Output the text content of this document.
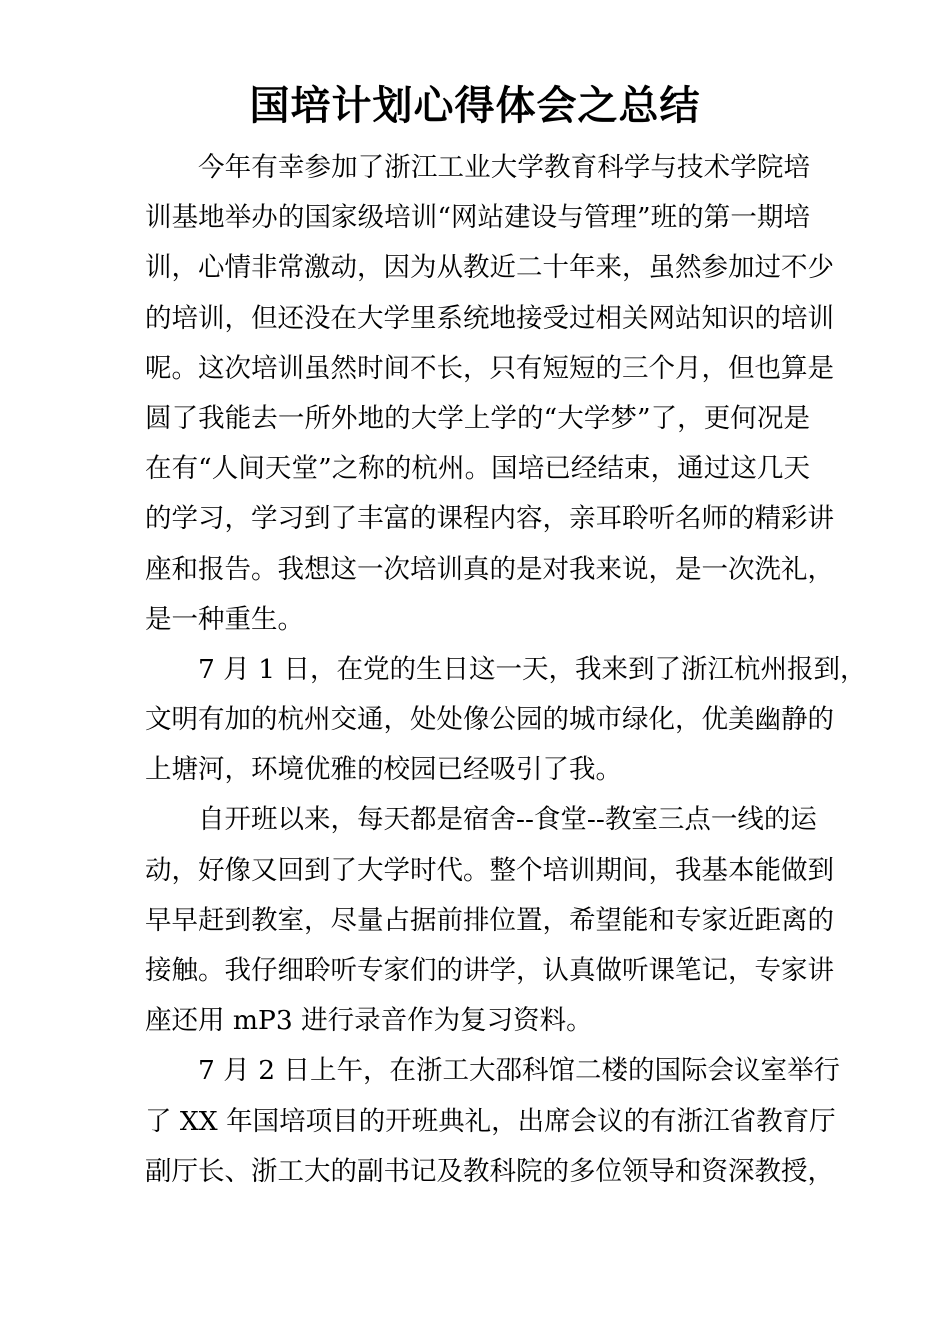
国培计划心得体会之总结
今年有幸参加了浙江工业大学教育科学与技术学院培
训基地举办的国家级培训“网站建设与管理”班的第一期培
训，心情非常激动，因为从教近二十年来，虽然参加过不少
的培训，但还没在大学里系统地接受过相关网站知识的培训
呢。这次培训虽然时间不长，只有短短的三个月，但也算是
圆了我能去一所外地的大学上学的“大学梦”了，更何况是
在有“人间天堂”之称的杭州。国培已经结束，通过这几天
的学习，学习到了丰富的课程内容，亲耳聆听名师的精彩讲
座和报告。我想这一次培训真的是对我来说，是一次洗礼，
是一种重生。
7 月 1 日，在党的生日这一天，我来到了浙江杭州报到，
文明有加的杭州交通，处处像公园的城市绿化，优美幽静的
上塘河，环境优雅的校园已经吸引了我。
自开班以来，每天都是宿舍--食堂--教室三点一线的运
动，好像又回到了大学时代。整个培训期间，我基本能做到
早早赶到教室，尽量占据前排位置，希望能和专家近距离的
接触。我仔细聆听专家们的讲学，认真做听课笔记，专家讲
座还用 mP3 进行录音作为复习资料。
7 月 2 日上午，在浙工大邵科馆二楼的国际会议室举行
了 XX 年国培项目的开班典礼，出席会议的有浙江省教育厅
副厅长、浙工大的副书记及教科院的多位领导和资深教授，
